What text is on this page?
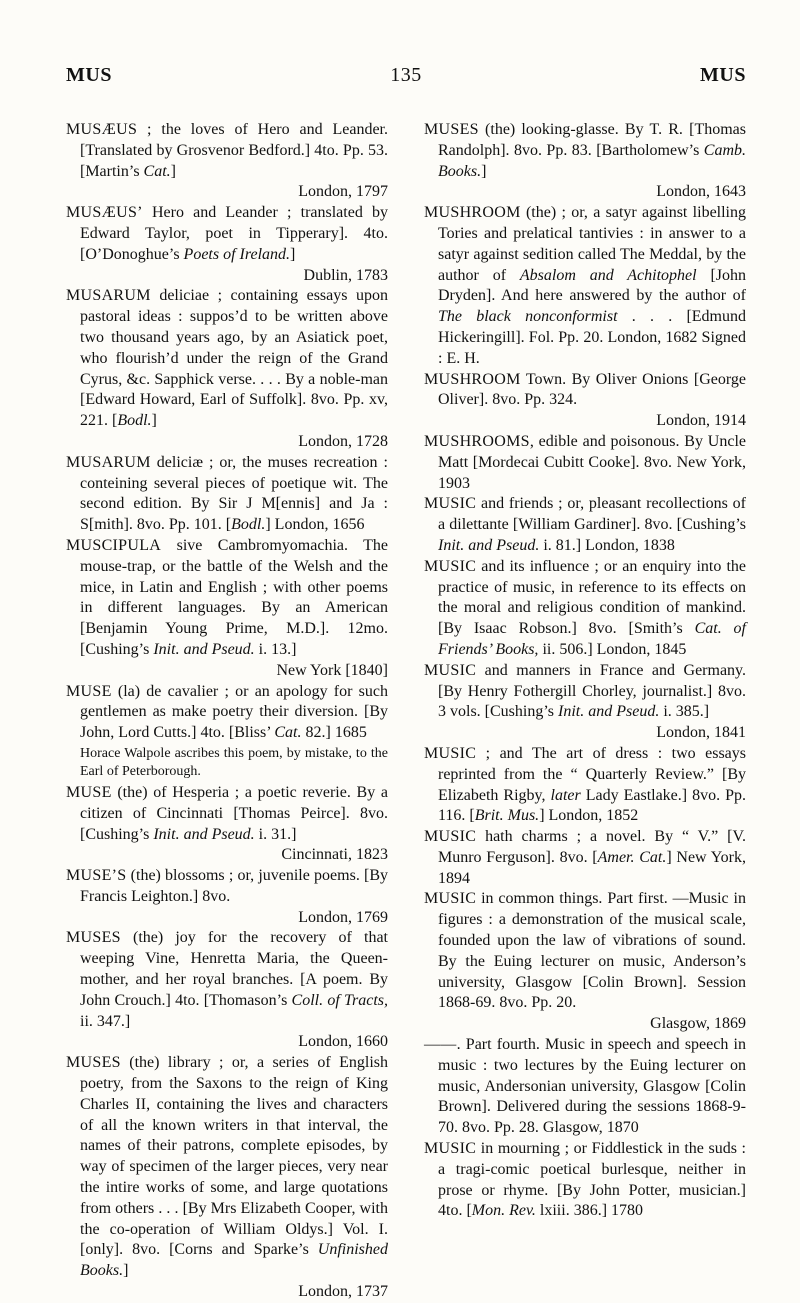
MUS	135	MUS

MUSÆUS ; the loves of Hero and Leander. [Translated by Grosvenor Bedford.] 4to. Pp. 53. [Martin’s Cat.]
London, 1797

MUSÆUS’ Hero and Leander ; translated by Edward Taylor, poet in Tipperary]. 4to. [O’Donoghue’s Poets of Ireland.]
Dublin, 1783

MUSARUM deliciae ; containing essays upon pastoral ideas : suppos’d to be written above two thousand years ago, by an Asiatick poet, who flourish’d under the reign of the Grand Cyrus, &c. Sapphick verse. . . . By a noble-man [Edward Howard, Earl of Suffolk]. 8vo. Pp. xv, 221. [Bodl.]
London, 1728

MUSARUM deliciæ ; or, the muses recreation : conteining several pieces of poetique wit. The second edition. By Sir J M[ennis] and Ja : S[mith]. 8vo. Pp. 101. [Bodl.] London, 1656

MUSCIPULA sive Cambromyomachia. The mouse-trap, or the battle of the Welsh and the mice, in Latin and English ; with other poems in different languages. By an American [Benjamin Young Prime, M.D.]. 12mo. [Cushing’s Init. and Pseud. i. 13.]
New York [1840]

MUSE (la) de cavalier ; or an apology for such gentlemen as make poetry their diversion. [By John, Lord Cutts.] 4to. [Bliss’ Cat. 82.] 1685

Horace Walpole ascribes this poem, by mistake, to the Earl of Peterborough.

MUSE (the) of Hesperia ; a poetic reverie. By a citizen of Cincinnati [Thomas Peirce]. 8vo. [Cushing’s Init. and Pseud. i. 31.]
Cincinnati, 1823

MUSE’S (the) blossoms ; or, juvenile poems. [By Francis Leighton.] 8vo.
London, 1769

MUSES (the) joy for the recovery of that weeping Vine, Henretta Maria, the Queen-mother, and her royal branches. [A poem. By John Crouch.] 4to. [Thomason’s Coll. of Tracts, ii. 347.]
London, 1660

MUSES (the) library ; or, a series of English poetry, from the Saxons to the reign of King Charles II, containing the lives and characters of all the known writers in that interval, the names of their patrons, complete episodes, by way of specimen of the larger pieces, very near the intire works of some, and large quotations from others . . . [By Mrs Elizabeth Cooper, with the co-operation of William Oldys.] Vol. I. [only]. 8vo. [Corns and Sparke’s Unfinished Books.]
London, 1737

MUSES (the) looking-glasse. By T. R. [Thomas Randolph]. 8vo. Pp. 83. [Bartholomew’s Camb. Books.]
London, 1643

MUSHROOM (the) ; or, a satyr against libelling Tories and prelatical tantivies : in answer to a satyr against sedition called The Meddal, by the author of Absalom and Achitophel [John Dryden]. And here answered by the author of The black nonconformist . . . [Edmund Hickeringill]. Fol. Pp. 20. London, 1682 Signed : E. H.

MUSHROOM Town. By Oliver Onions [George Oliver]. 8vo. Pp. 324.
London, 1914

MUSHROOMS, edible and poisonous. By Uncle Matt [Mordecai Cubitt Cooke]. 8vo. New York, 1903

MUSIC and friends ; or, pleasant recollections of a dilettante [William Gardiner]. 8vo. [Cushing’s Init. and Pseud. i. 81.] London, 1838

MUSIC and its influence ; or an enquiry into the practice of music, in reference to its effects on the moral and religious condition of mankind. [By Isaac Robson.] 8vo. [Smith’s Cat. of Friends’ Books, ii. 506.] London, 1845

MUSIC and manners in France and Germany. [By Henry Fothergill Chorley, journalist.] 8vo. 3 vols. [Cushing’s Init. and Pseud. i. 385.]
London, 1841

MUSIC ; and The art of dress : two essays reprinted from the “ Quarterly Review.” [By Elizabeth Rigby, later Lady Eastlake.] 8vo. Pp. 116. [Brit. Mus.] London, 1852

MUSIC hath charms ; a novel. By “ V.” [V. Munro Ferguson]. 8vo. [Amer. Cat.] New York, 1894

MUSIC in common things. Part first. —Music in figures : a demonstration of the musical scale, founded upon the law of vibrations of sound. By the Euing lecturer on music, Anderson’s university, Glasgow [Colin Brown]. Session 1868-69. 8vo. Pp. 20.
Glasgow, 1869

——. Part fourth. Music in speech and speech in music : two lectures by the Euing lecturer on music, Andersonian university, Glasgow [Colin Brown]. Delivered during the sessions 1868-9-70. 8vo. Pp. 28. Glasgow, 1870

MUSIC in mourning ; or Fiddlestick in the suds : a tragi-comic poetical burlesque, neither in prose or rhyme. [By John Potter, musician.] 4to. [Mon. Rev. lxiii. 386.] 1780
